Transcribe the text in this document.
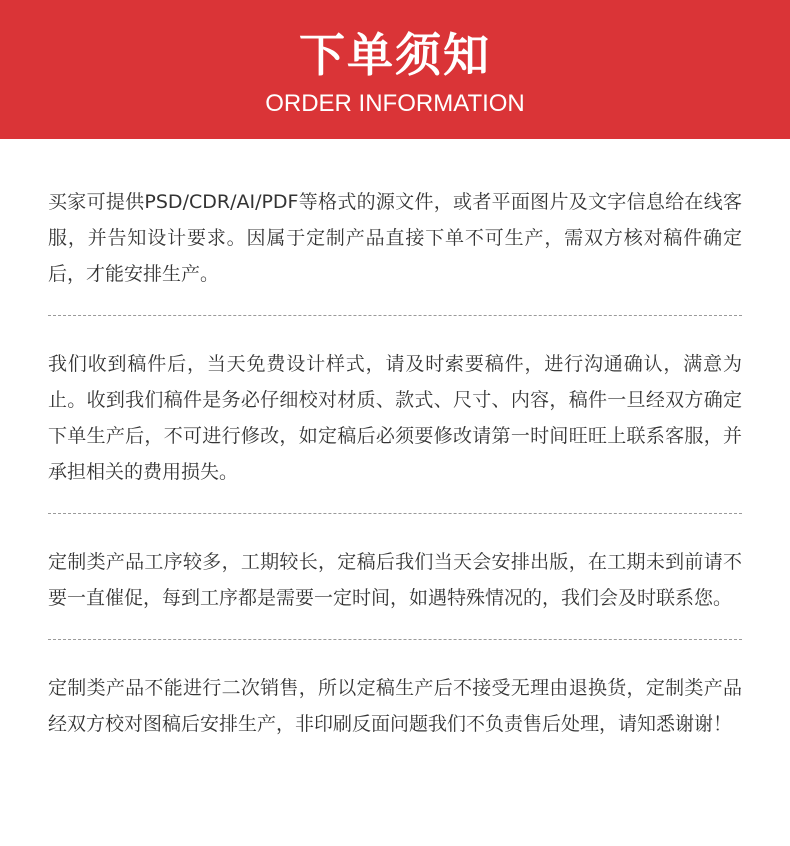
下单须知
ORDER INFORMATION

买家可提供PSD/CDR/AI/PDF等格式的源文件，或者平面图片及文字信息给在线客服，并告知设计要求。因属于定制产品直接下单不可生产，需双方核对稿件确定后，才能安排生产。

我们收到稿件后，当天免费设计样式，请及时索要稿件，进行沟通确认，满意为止。收到我们稿件是务必仔细校对材质、款式、尺寸、内容，稿件一旦经双方确定下单生产后，不可进行修改，如定稿后必须要修改请第一时间旺旺上联系客服，并承担相关的费用损失。

定制类产品工序较多，工期较长，定稿后我们当天会安排出版，在工期未到前请不要一直催促，每到工序都是需要一定时间，如遇特殊情况的，我们会及时联系您。

定制类产品不能进行二次销售，所以定稿生产后不接受无理由退换货，定制类产品经双方校对图稿后安排生产，非印刷反面问题我们不负责售后处理，请知悉谢谢！
